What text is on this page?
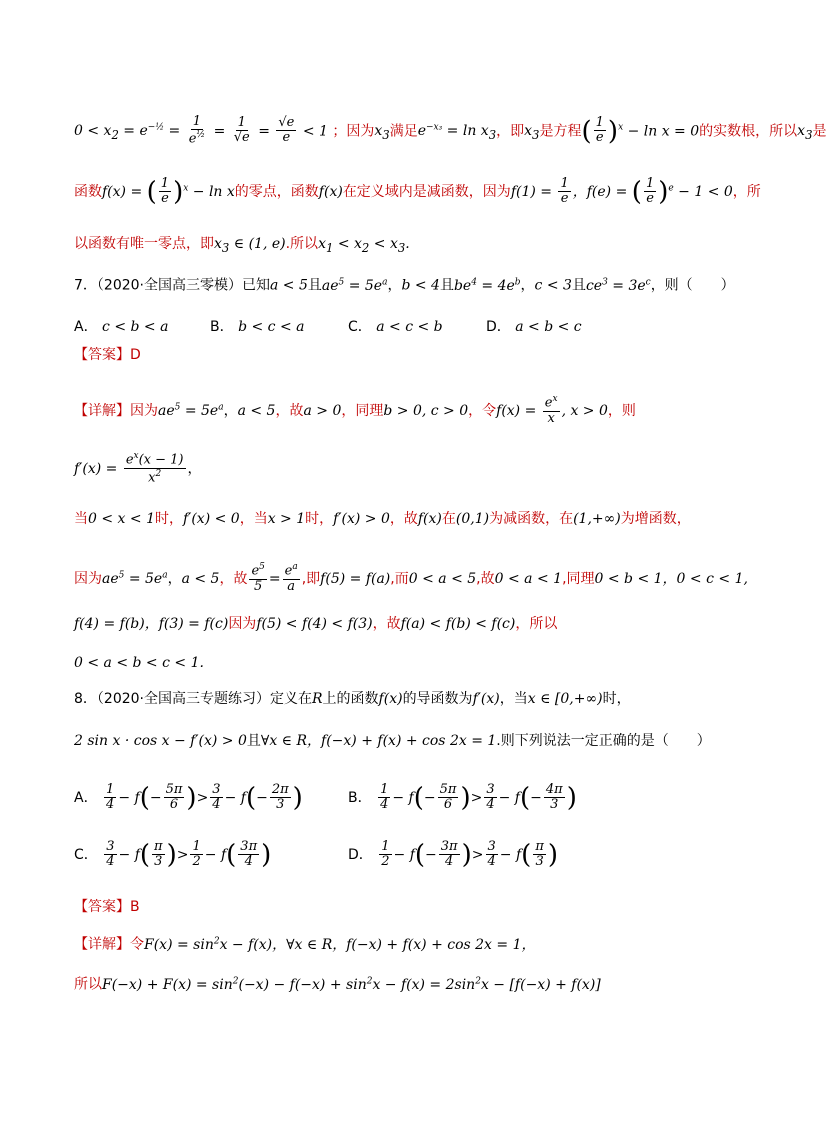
$0 < x_2 = e^{-\frac{1}{2}} = \frac{1}{e^{\frac{1}{2}}} = \frac{1}{√e} = \frac{√e}{e} < 1$ ；因为$x_3$满足$e^{-x_3} = \ln x_3$，即$x_3$是方程( $\frac{1}{e} )^x - \ln x = 0$的实数根，所以$x_3$是
函数f(x) = ( $\frac{1}{e} )^x - \ln x$的零点，函数f(x)在定义域内是减函数，因为$f(1) = \frac{1}{e}$ ，f(e) = ( $\frac{1}{e} )^e - 1 < 0$，所
以函数有唯一零点，即$x_3$ ∈ (1, e).所以$x_1 < x_2 < x_3$.
7．（2020·全国高三零模）已知a < 5且$ae^5 = 5e^a$，b < 4且$be^4 = 4e^b$，c < 3且$ce^3 = 3e^c$，则（　　）
A． c < b < a	B． b < c < a	C． a < c < b	D． a < b < c
【答案】D
【详解】因为$ae^5 = 5e^a$，a < 5，故a > 0，同理b > 0, c > 0，令$f(x) = \frac{e^x}{x}$ , x > 0，则
$f'(x) = \frac{e^x(x - 1)}{x^2}$ ，
当0 < x < 1时，f′(x) < 0，当x > 1时，f′(x) > 0，故f(x)在(0,1)为减函数，在(1,+∞)为增函数，
因为$ae^5 = 5e^a$，a < 5，故 $\frac{e^5}{5} = \frac{e^a}{a}$ ,即f(5) = f(a),而0 < a < 5,故0 < a < 1,同理0 < b < 1，0 < c < 1,
f(4) = f(b)，f(3) = f(c)因为f(5) < f(4) < f(3)，故f(a) < f(b) < f(c)，所以
0 < a < b < c < 1.
8．（2020·全国高三专题练习）定义在R上的函数f(x)的导函数为f′(x)，当x ∈ [0,+∞)时，
2 sin x · cos x − f′(x) > 0且∀x ∈ R，f(−x) + f(x) + cos 2x = 1.则下列说法一定正确的是（　　）
A． $\frac{1}{4} - f(- \frac{5\pi}{6}$ )> $\frac{3}{4} - f(- \frac{2\pi}{3}$ )	B． $\frac{1}{4} - f(- \frac{5\pi}{6}$ )> $\frac{3}{4} - f(- \frac{4\pi}{3}$ )
C． $\frac{3}{4} - f( \frac{\pi}{3}$ )> $\frac{1}{2} - f( \frac{3\pi}{4}$ )	D． $\frac{1}{2} - f(- \frac{3\pi}{4}$ )> $\frac{3}{4} - f( \frac{\pi}{3}$ )
【答案】B
【详解】令$F(x) = \sin^2x - f(x)$，∀x ∈ R，f(−x) + f(x) + cos 2x = 1，
所以$F(-x) + F(x) = \sin^2(-x) - f(-x) + \sin^2x - f(x) = 2\sin^2x - [f(-x) + f(x)]$
